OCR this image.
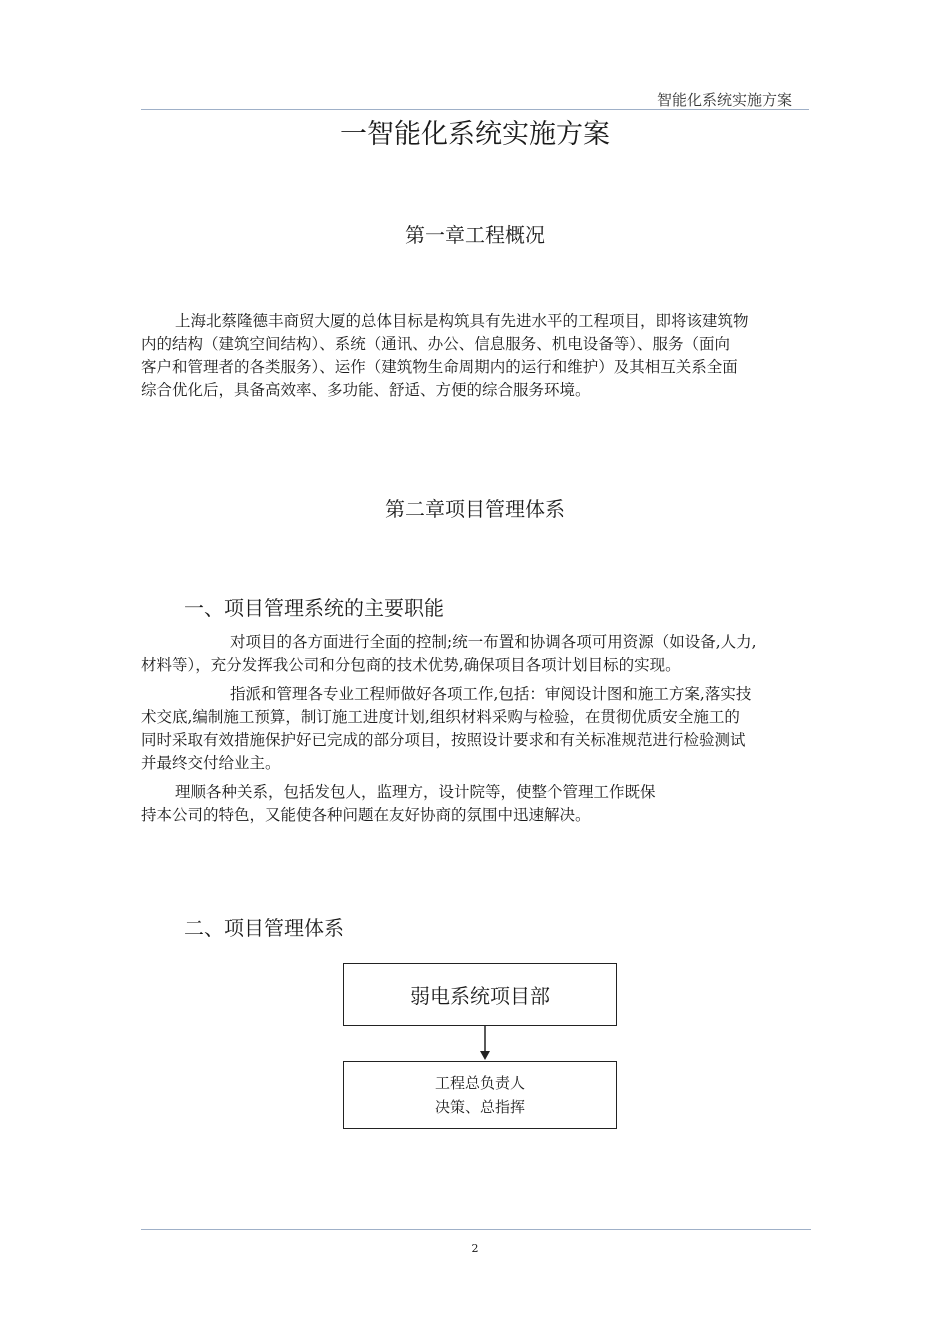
智能化系统实施方案
一智能化系统实施方案
第一章工程概况
上海北蔡隆德丰商贸大厦的总体目标是构筑具有先进水平的工程项目，即将该建筑物
内的结构（建筑空间结构）、系统（通讯、办公、信息服务、机电设备等）、服务（面向
客户和管理者的各类服务）、运作（建筑物生命周期内的运行和维护）及其相互关系全面
综合优化后，具备高效率、多功能、舒适、方便的综合服务环境。
第二章项目管理体系
一、项目管理系统的主要职能
对项目的各方面进行全面的控制;统一布置和协调各项可用资源（如设备,人力,
材料等），充分发挥我公司和分包商的技术优势,确保项目各项计划目标的实现。
指派和管理各专业工程师做好各项工作,包括：审阅设计图和施工方案,落实技
术交底,编制施工预算，制订施工进度计划,组织材料采购与检验，在贯彻优质安全施工的
同时采取有效措施保护好已完成的部分项目，按照设计要求和有关标准规范进行检验测试
并最终交付给业主。
理顺各种关系，包括发包人，监理方，设计院等，使整个管理工作既保
持本公司的特色，又能使各种问题在友好协商的氛围中迅速解决。
二、项目管理体系
弱电系统项目部
工程总负责人
决策、总指挥
2
